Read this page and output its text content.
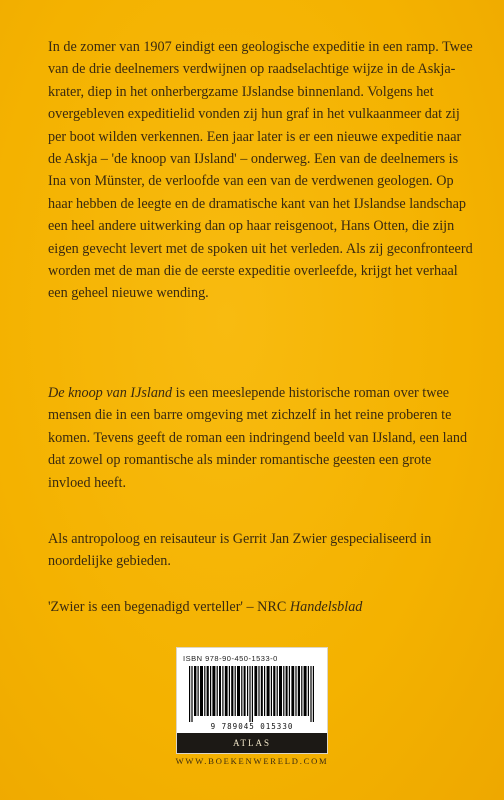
In de zomer van 1907 eindigt een geologische expeditie in een ramp. Twee van de drie deelnemers verdwijnen op raadselachtige wijze in de Askja-krater, diep in het onherbergzame IJslandse binnenland. Volgens het overgebleven expeditielid vonden zij hun graf in het vulkaanmeer dat zij per boot wilden verkennen. Een jaar later is er een nieuwe expeditie naar de Askja – 'de knoop van IJsland' – onderweg. Een van de deelnemers is Ina von Münster, de verloofde van een van de verdwenen geologen. Op haar hebben de leegte en de dramatische kant van het IJslandse landschap een heel andere uitwerking dan op haar reisgenoot, Hans Otten, die zijn eigen gevecht levert met de spoken uit het verleden. Als zij geconfronteerd worden met de man die de eerste expeditie overleefde, krijgt het verhaal een geheel nieuwe wending.

De knoop van IJsland is een meeslepende historische roman over twee mensen die in een barre omgeving met zichzelf in het reine proberen te komen. Tevens geeft de roman een indringend beeld van IJsland, een land dat zowel op romantische als minder romantische geesten een grote invloed heeft.

Als antropoloog en reisauteur is Gerrit Jan Zwier gespecialiseerd in noordelijke gebieden.

'Zwier is een begenadigd verteller' – NRC Handelsblad

ISBN 978-90-450-1533-0
9 789045 015330
ATLAS
WWW.BOEKENWERELD.COM
